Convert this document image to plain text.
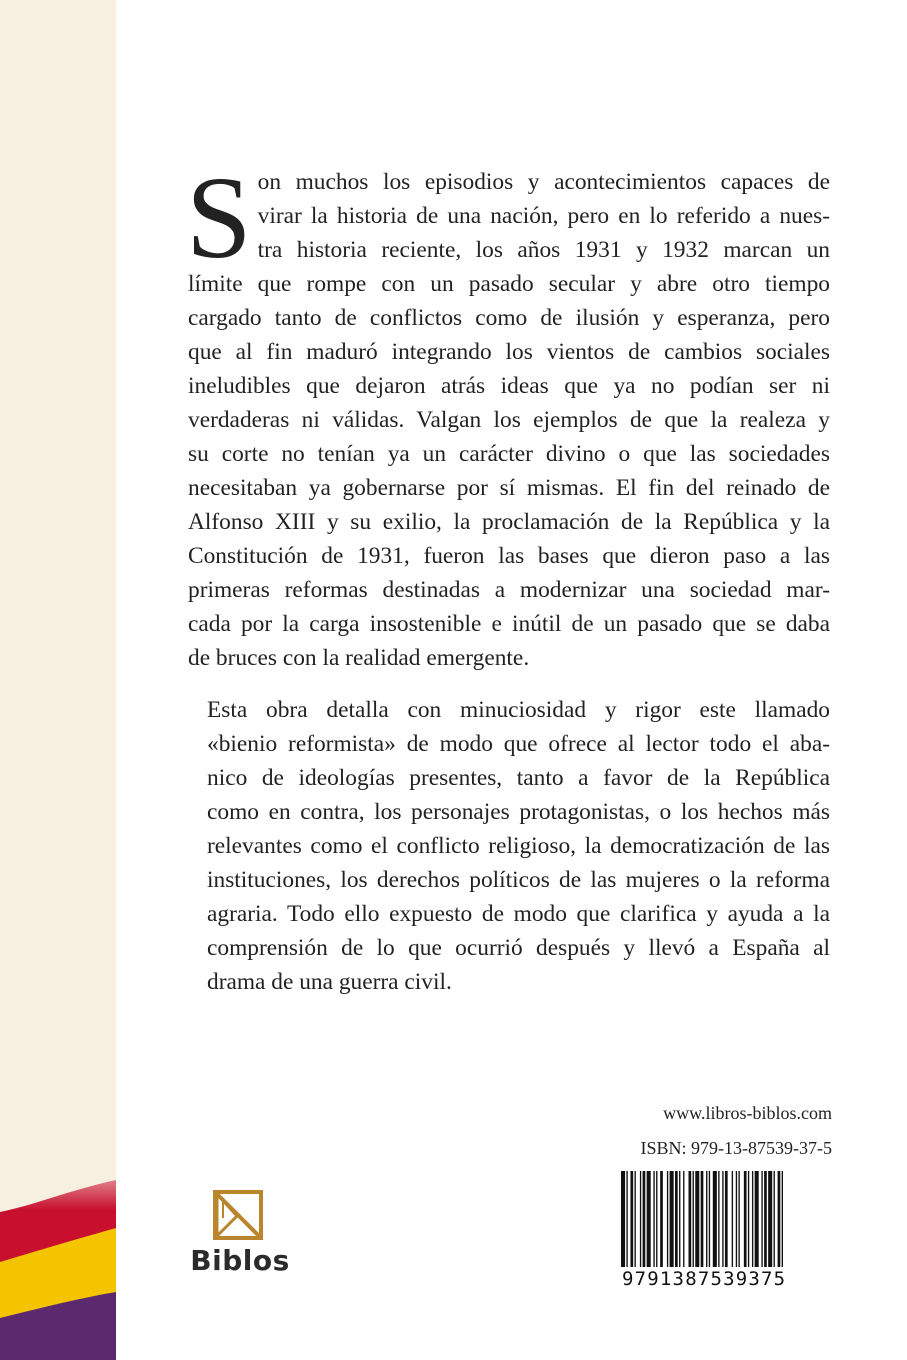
S on muchos los episodios y acontecimientos capaces de
virar la historia de una nación, pero en lo referido a nues-
tra historia reciente, los años 1931 y 1932 marcan un
límite que rompe con un pasado secular y abre otro tiempo
cargado tanto de conflictos como de ilusión y esperanza, pero
que al fin maduró integrando los vientos de cambios sociales
ineludibles que dejaron atrás ideas que ya no podían ser ni
verdaderas ni válidas. Valgan los ejemplos de que la realeza y
su corte no tenían ya un carácter divino o que las sociedades
necesitaban ya gobernarse por sí mismas. El fin del reinado de
Alfonso XIII y su exilio, la proclamación de la República y la
Constitución de 1931, fueron las bases que dieron paso a las
primeras reformas destinadas a modernizar una sociedad mar-
cada por la carga insostenible e inútil de un pasado que se daba
de bruces con la realidad emergente.

Esta obra detalla con minuciosidad y rigor este llamado
«bienio reformista» de modo que ofrece al lector todo el aba-
nico de ideologías presentes, tanto a favor de la República
como en contra, los personajes protagonistas, o los hechos más
relevantes como el conflicto religioso, la democratización de las
instituciones, los derechos políticos de las mujeres o la reforma
agraria. Todo ello expuesto de modo que clarifica y ayuda a la
comprensión de lo que ocurrió después y llevó a España al
drama de una guerra civil.

Biblos
www.libros-biblos.com
ISBN: 979-13-87539-37-5
9791387539375
